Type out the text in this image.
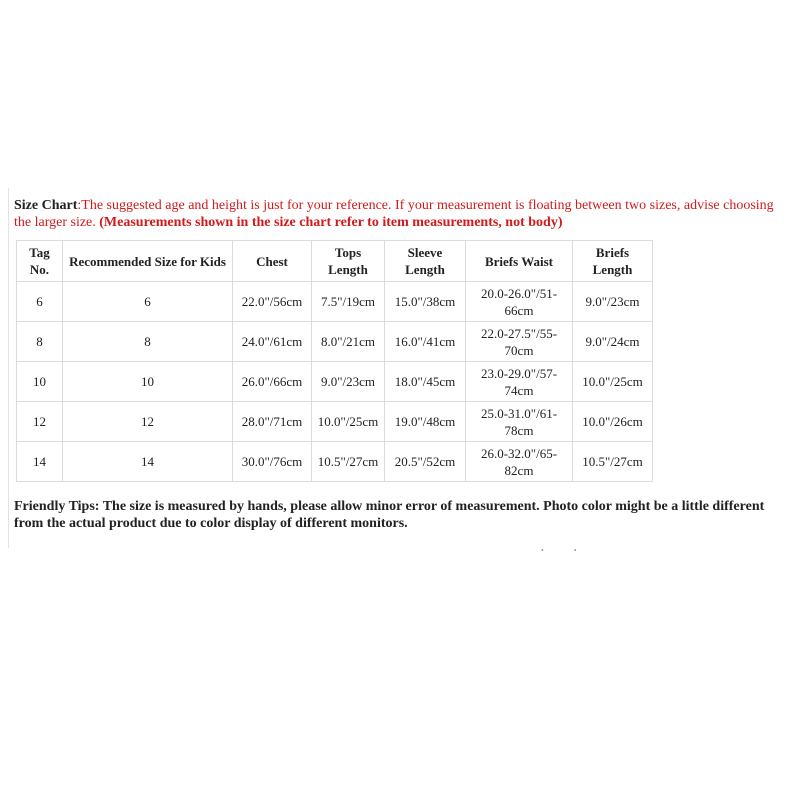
Size Chart:The suggested age and height is just for your reference. If your measurement is floating between two sizes, advise choosing the larger size. (Measurements shown in the size chart refer to item measurements, not body)
Tag No.	Recommended Size for Kids	Chest	Tops Length	Sleeve Length	Briefs Waist	Briefs Length
6	6	22.0"/56cm	7.5"/19cm	15.0"/38cm	20.0-26.0"/51-66cm	9.0"/23cm
8	8	24.0"/61cm	8.0"/21cm	16.0"/41cm	22.0-27.5"/55-70cm	9.0"/24cm
10	10	26.0"/66cm	9.0"/23cm	18.0"/45cm	23.0-29.0"/57-74cm	10.0"/25cm
12	12	28.0"/71cm	10.0"/25cm	19.0"/48cm	25.0-31.0"/61-78cm	10.0"/26cm
14	14	30.0"/76cm	10.5"/27cm	20.5"/52cm	26.0-32.0"/65-82cm	10.5"/27cm
Friendly Tips: The size is measured by hands, please allow minor error of measurement. Photo color might be a little different from the actual product due to color display of different monitors.
• •
